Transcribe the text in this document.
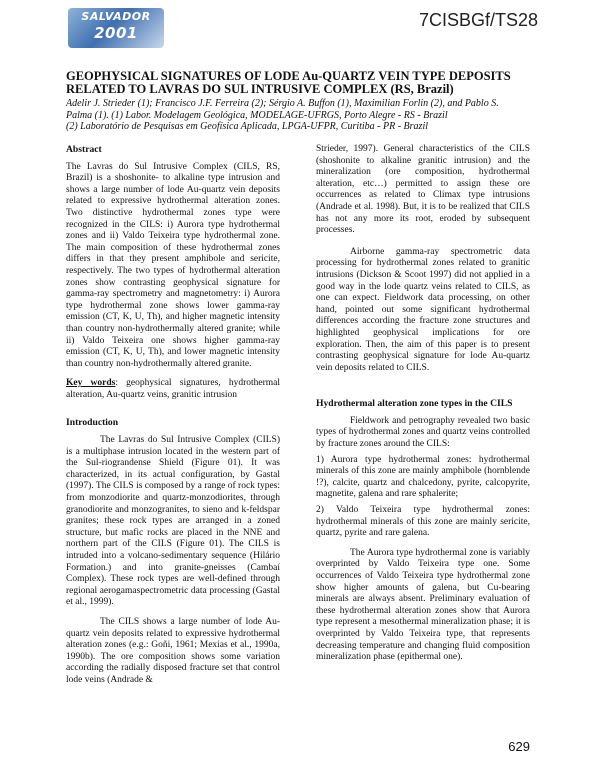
SALVADOR
2001
7CISBGf/TS28
GEOPHYSICAL SIGNATURES OF LODE Au-QUARTZ VEIN TYPE DEPOSITS RELATED TO LAVRAS DO SUL INTRUSIVE COMPLEX (RS, Brazil)

Adelir J. Strieder (1); Francisco J.F. Ferreira (2); Sérgio A. Buffon (1), Maximilian Forlin (2), and Pablo S.

Palma (1). (1) Labor. Modelagem Geológica, MODELAGE-UFRGS, Porto Alegre - RS - Brazil

(2) Laboratório de Pesquisas em Geofísica Aplicada, LPGA-UFPR, Curitiba - PR - Brazil

Abstract

The Lavras do Sul Intrusive Complex (CILS, RS, Brazil) is a shoshonite- to alkaline type intrusion and shows a large number of lode Au-quartz vein deposits related to expressive hydrothermal alteration zones. Two distinctive hydrothermal zones type were recognized in the CILS: i) Aurora type hydrothermal zones and ii) Valdo Teixeira type hydrothermal zone. The main composition of these hydrothermal zones differs in that they present amphibole and sericite, respectively. The two types of hydrothermal alteration zones show contrasting geophysical signature for gamma-ray spectrometry and magnetometry: i) Aurora type hydrothermal zone shows lower gamma-ray emission (CT, K, U, Th), and higher magnetic intensity than country non-hydrothermally altered granite; while ii) Valdo Teixeira one shows higher gamma-ray emission (CT, K, U, Th), and lower magnetic intensity than country non-hydrothermally altered granite.

Key words: geophysical signatures, hydrothermal alteration, Au-quartz veins, granitic intrusion

Introduction

The Lavras do Sul Intrusive Complex (CILS) is a multiphase intrusion located in the western part of the Sul-riograndense Shield (Figure 01). It was characterized, in its actual configuration, by Gastal (1997). The CILS is composed by a range of rock types: from monzodiorite and quartz-monzodiorites, through granodiorite and monzogranites, to sieno and k-feldspar granites; these rock types are arranged in a zoned structure, but mafic rocks are placed in the NNE and northern part of the CILS (Figure 01). The CILS is intruded into a volcano-sedimentary sequence (Hilário Formation.) and into granite-gneisses (Cambaí Complex). These rock types are well-defined through regional aerogamaspectrometric data processing (Gastal et al., 1999).

The CILS shows a large number of lode Au-quartz vein deposits related to expressive hydrothermal alteration zones (e.g.: Goñi, 1961; Mexias et al., 1990a, 1990b). The ore composition shows some variation according the radially disposed fracture set that control lode veins (Andrade &

Strieder, 1997). General characteristics of the CILS (shoshonite to alkaline granitic intrusion) and the mineralization (ore composition, hydrothermal alteration, etc…) permitted to assign these ore occurrences as related to Climax type intrusions (Andrade et al. 1998). But, it is to be realized that CILS has not any more its root, eroded by subsequent processes.

Airborne gamma-ray spectrometric data processing for hydrothermal zones related to granitic intrusions (Dickson & Scoot 1997) did not applied in a good way in the lode quartz veins related to CILS, as one can expect. Fieldwork data processing, on other hand, pointed out some significant hydrothermal differences according the fracture zone structures and highlighted geophysical implications for ore exploration. Then, the aim of this paper is to present contrasting geophysical signature for lode Au-quartz vein deposits related to CILS.

Hydrothermal alteration zone types in the CILS

Fieldwork and petrography revealed two basic types of hydrothermal zones and quartz veins controlled by fracture zones around the CILS:

1) Aurora type hydrothermal zones: hydrothermal minerals of this zone are mainly amphibole (hornblende !?), calcite, quartz and chalcedony, pyrite, calcopyrite, magnetite, galena and rare sphalerite;

2) Valdo Teixeira type hydrothermal zones: hydrothermal minerals of this zone are mainly sericite, quartz, pyrite and rare galena.

The Aurora type hydrothermal zone is variably overprinted by Valdo Teixeira type one. Some occurrences of Valdo Teixeira type hydrothermal zone show higher amounts of galena, but Cu-bearing minerals are always absent. Preliminary evaluation of these hydrothermal alteration zones show that Aurora type represent a mesothermal mineralization phase; it is overprinted by Valdo Teixeira type, that represents decreasing temperature and changing fluid composition mineralization phase (epithermal one).

629
